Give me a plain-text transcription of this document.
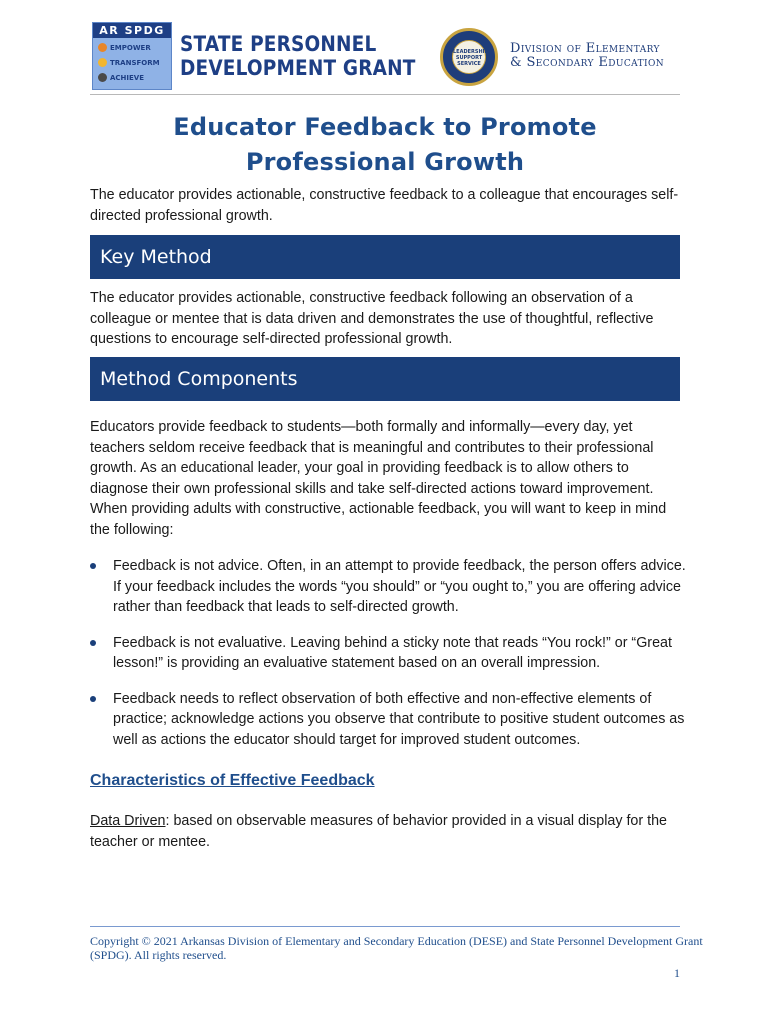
AR SPDG
EMPOWER
TRANSFORM
ACHIEVE
STATE PERSONNEL
DEVELOPMENT GRANT
LEADERSHIP SUPPORT SERVICE
Division of Elementary
& Secondary Education
Educator Feedback to Promote
Professional Growth
The educator provides actionable, constructive feedback to a colleague that encourages self-directed professional growth.
Key Method
The educator provides actionable, constructive feedback following an observation of a colleague or mentee that is data driven and demonstrates the use of thoughtful, reflective questions to encourage self-directed professional growth.
Method Components
Educators provide feedback to students—both formally and informally—every day, yet teachers seldom receive feedback that is meaningful and contributes to their professional growth. As an educational leader, your goal in providing feedback is to allow others to diagnose their own professional skills and take self-directed actions toward improvement. When providing adults with constructive, actionable feedback, you will want to keep in mind the following:
Feedback is not advice. Often, in an attempt to provide feedback, the person offers advice. If your feedback includes the words “you should” or “you ought to,” you are offering advice rather than feedback that leads to self-directed growth.
Feedback is not evaluative. Leaving behind a sticky note that reads “You rock!” or “Great lesson!” is providing an evaluative statement based on an overall impression.
Feedback needs to reflect observation of both effective and non-effective elements of practice; acknowledge actions you observe that contribute to positive student outcomes as well as actions the educator should target for improved student outcomes.
Characteristics of Effective Feedback
Data Driven: based on observable measures of behavior provided in a visual display for the teacher or mentee.
Copyright © 2021 Arkansas Division of Elementary and Secondary Education (DESE) and State Personnel Development Grant (SPDG). All rights reserved.
1
